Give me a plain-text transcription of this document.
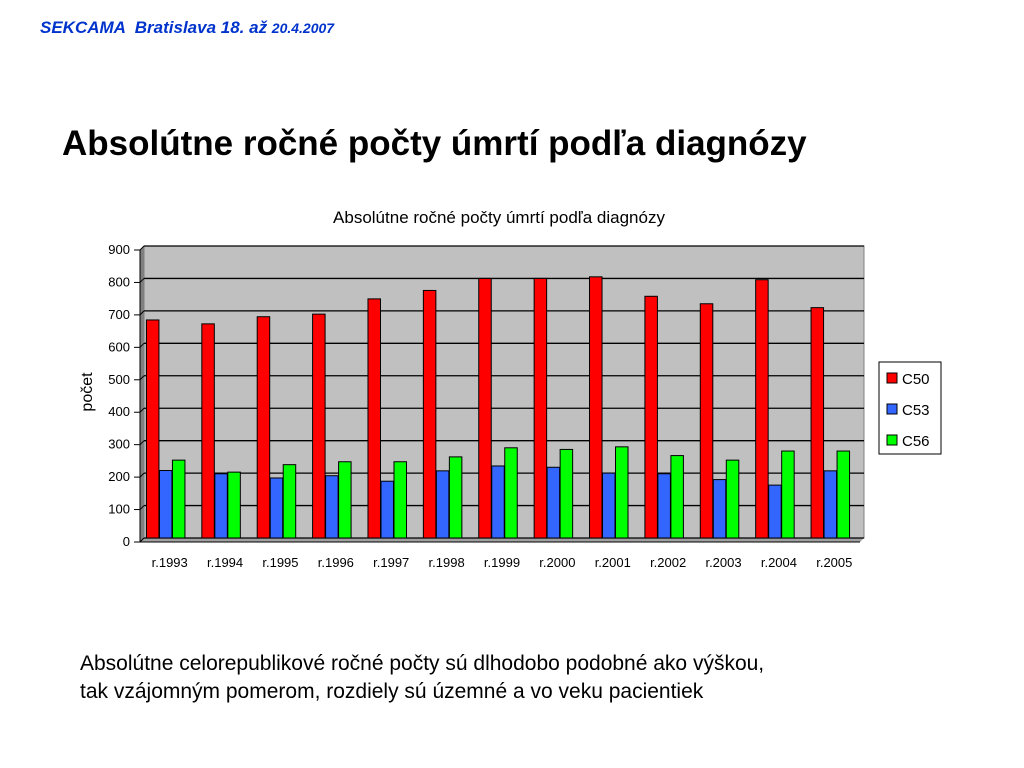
SEKCAMA  Bratislava 18. až 20.4.2007
Absolútne ročné počty úmrtí podľa diagnózy
Absolútne ročné počty úmrtí podľa diagnózy
0
100
200
300
400
500
600
700
800
900
počet
r.1993 r.1994 r.1995 r.1996 r.1997 r.1998 r.1999 r.2000 r.2001 r.2002 r.2003 r.2004 r.2005
C50
C53
C56
Absolútne celorepublikové ročné počty sú dlhodobo podobné ako výškou,
tak vzájomným pomerom, rozdiely sú územné a vo veku pacientiek
